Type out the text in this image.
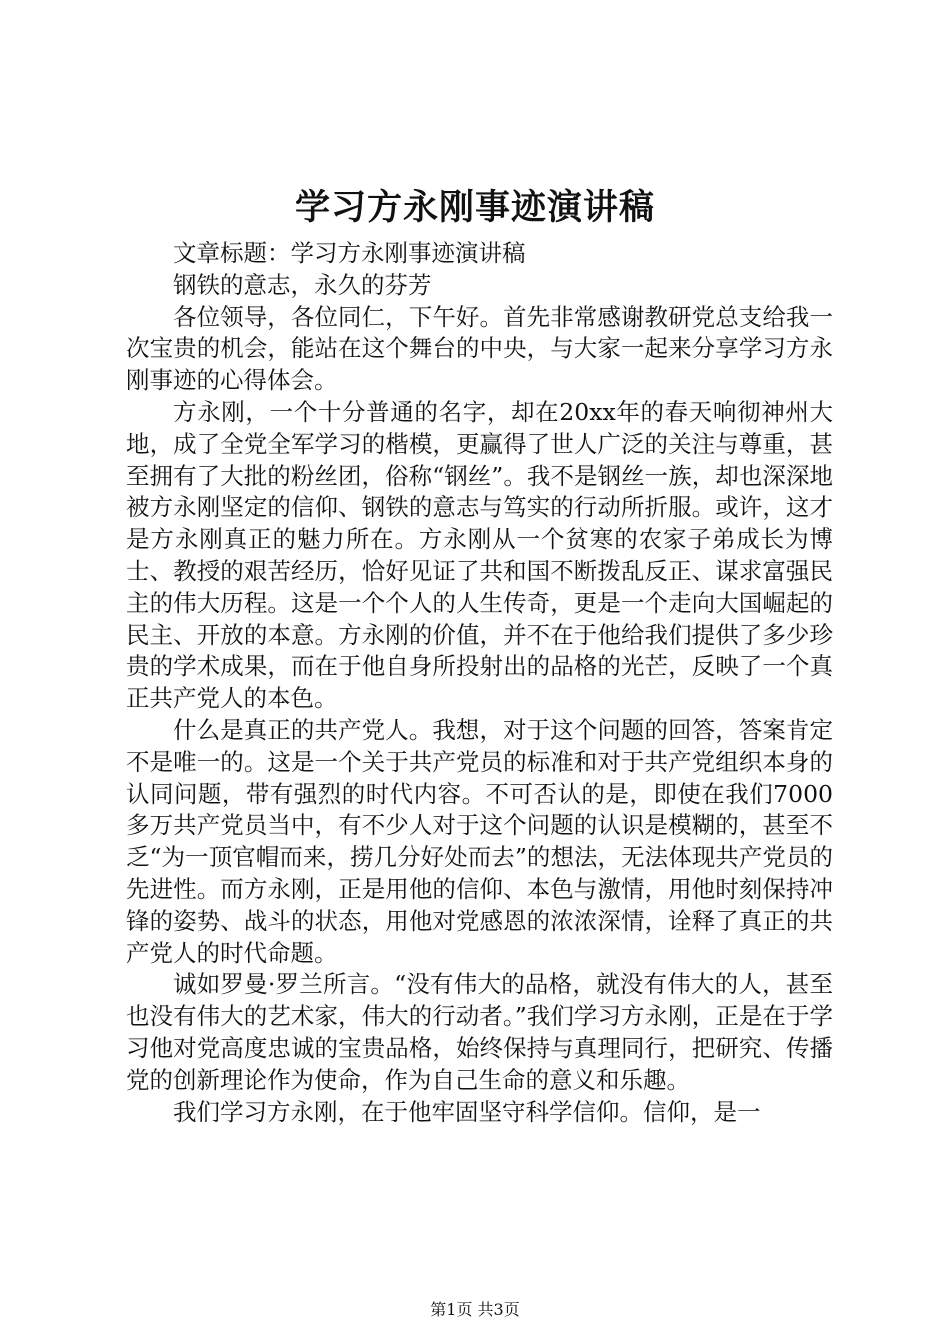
学习方永刚事迹演讲稿

文章标题：学习方永刚事迹演讲稿

钢铁的意志，永久的芬芳

各位领导，各位同仁，下午好。首先非常感谢教研党总支给我一次宝贵的机会，能站在这个舞台的中央，与大家一起来分享学习方永刚事迹的心得体会。

方永刚，一个十分普通的名字，却在20xx年的春天响彻神州大地，成了全党全军学习的楷模，更赢得了世人广泛的关注与尊重，甚至拥有了大批的粉丝团，俗称“钢丝”。我不是钢丝一族，却也深深地被方永刚坚定的信仰、钢铁的意志与笃实的行动所折服。或许，这才是方永刚真正的魅力所在。方永刚从一个贫寒的农家子弟成长为博士、教授的艰苦经历，恰好见证了共和国不断拨乱反正、谋求富强民主的伟大历程。这是一个个人的人生传奇，更是一个走向大国崛起的民主、开放的本意。方永刚的价值，并不在于他给我们提供了多少珍贵的学术成果，而在于他自身所投射出的品格的光芒，反映了一个真正共产党人的本色。

什么是真正的共产党人。我想，对于这个问题的回答，答案肯定不是唯一的。这是一个关于共产党员的标准和对于共产党组织本身的认同问题，带有强烈的时代内容。不可否认的是，即使在我们7000多万共产党员当中，有不少人对于这个问题的认识是模糊的，甚至不乏“为一顶官帽而来，捞几分好处而去”的想法，无法体现共产党员的先进性。而方永刚，正是用他的信仰、本色与激情，用他时刻保持冲锋的姿势、战斗的状态，用他对党感恩的浓浓深情，诠释了真正的共产党人的时代命题。

诚如罗曼·罗兰所言。“没有伟大的品格，就没有伟大的人，甚至也没有伟大的艺术家，伟大的行动者。”我们学习方永刚，正是在于学习他对党高度忠诚的宝贵品格，始终保持与真理同行，把研究、传播党的创新理论作为使命，作为自己生命的意义和乐趣。

我们学习方永刚，在于他牢固坚守科学信仰。信仰，是一

第1页 共3页
